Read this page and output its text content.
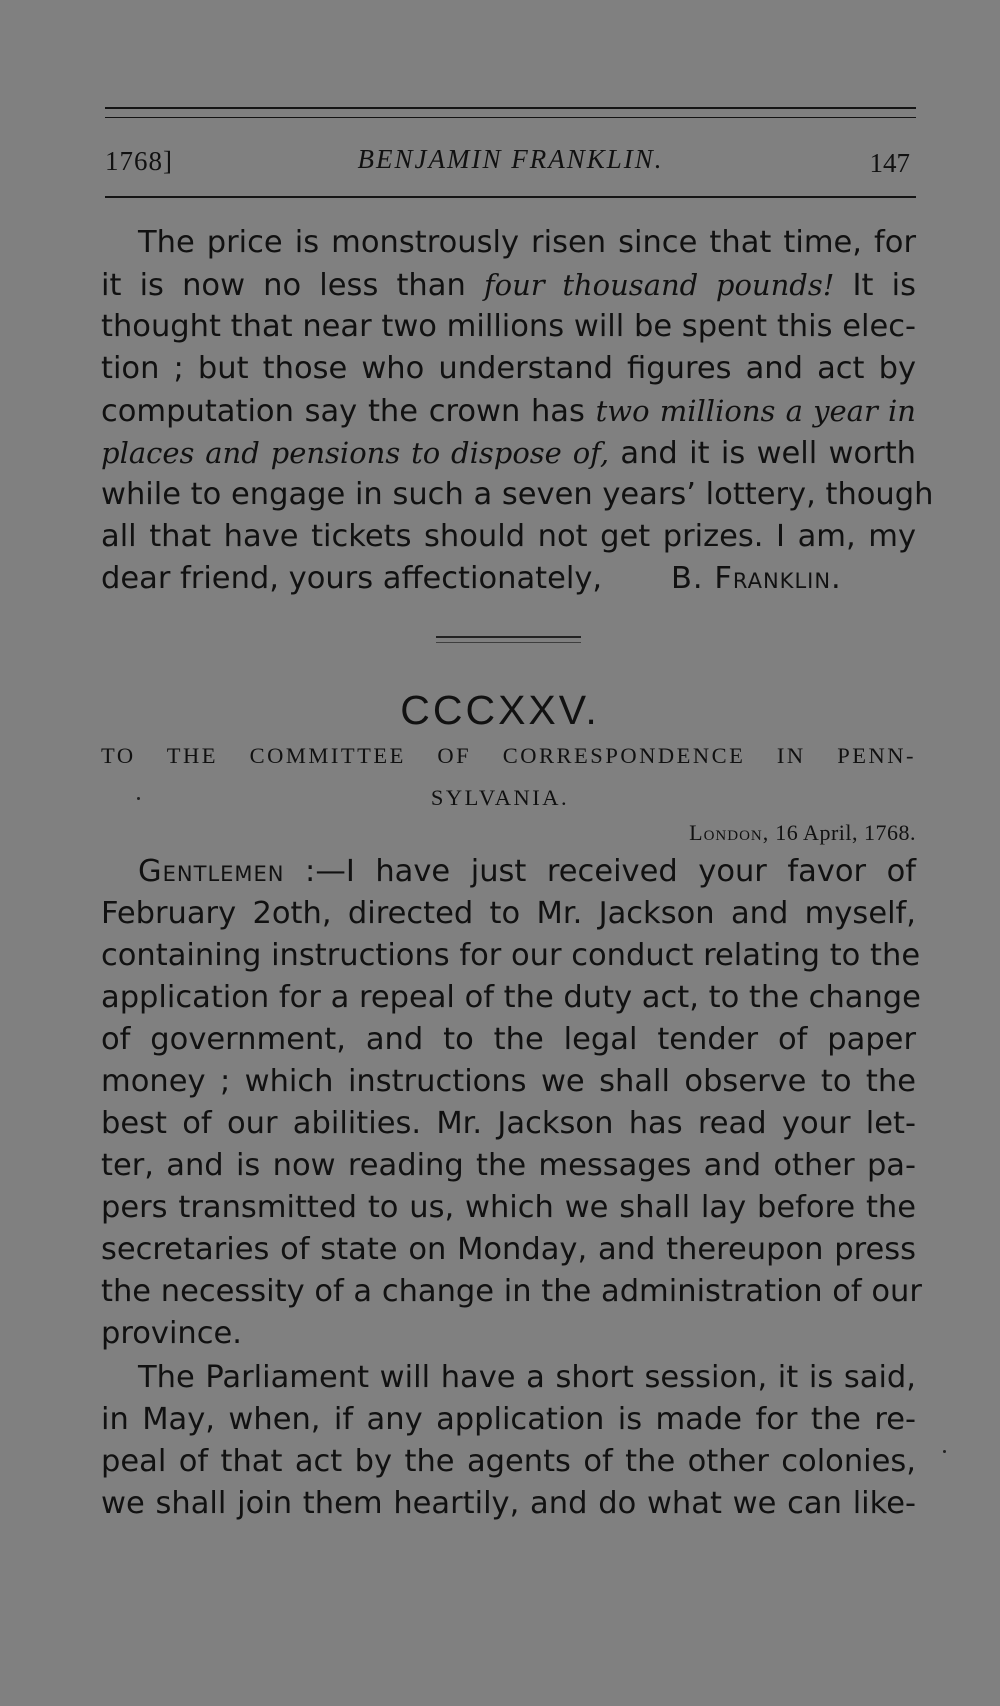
1768]	BENJAMIN FRANKLIN.	147
The price is monstrously risen since that time, for
it is now no less than four thousand pounds! It is
thought that near two millions will be spent this elec-
tion ; but those who understand figures and act by
computation say the crown has two millions a year in
places and pensions to dispose of, and it is well worth
while to engage in such a seven years’ lottery, though
all that have tickets should not get prizes. I am, my
dear friend, yours affectionately, B. Franklin.
CCCXXV.
TO THE COMMITTEE OF CORRESPONDENCE IN PENN-
SYLVANIA.
London, 16 April, 1768.
Gentlemen :—I have just received your favor of
February 2oth, directed to Mr. Jackson and myself,
containing instructions for our conduct relating to the
application for a repeal of the duty act, to the change
of government, and to the legal tender of paper
money ; which instructions we shall observe to the
best of our abilities. Mr. Jackson has read your let-
ter, and is now reading the messages and other pa-
pers transmitted to us, which we shall lay before the
secretaries of state on Monday, and thereupon press
the necessity of a change in the administration of our
province.
The Parliament will have a short session, it is said,
in May, when, if any application is made for the re-
peal of that act by the agents of the other colonies,
we shall join them heartily, and do what we can like-
